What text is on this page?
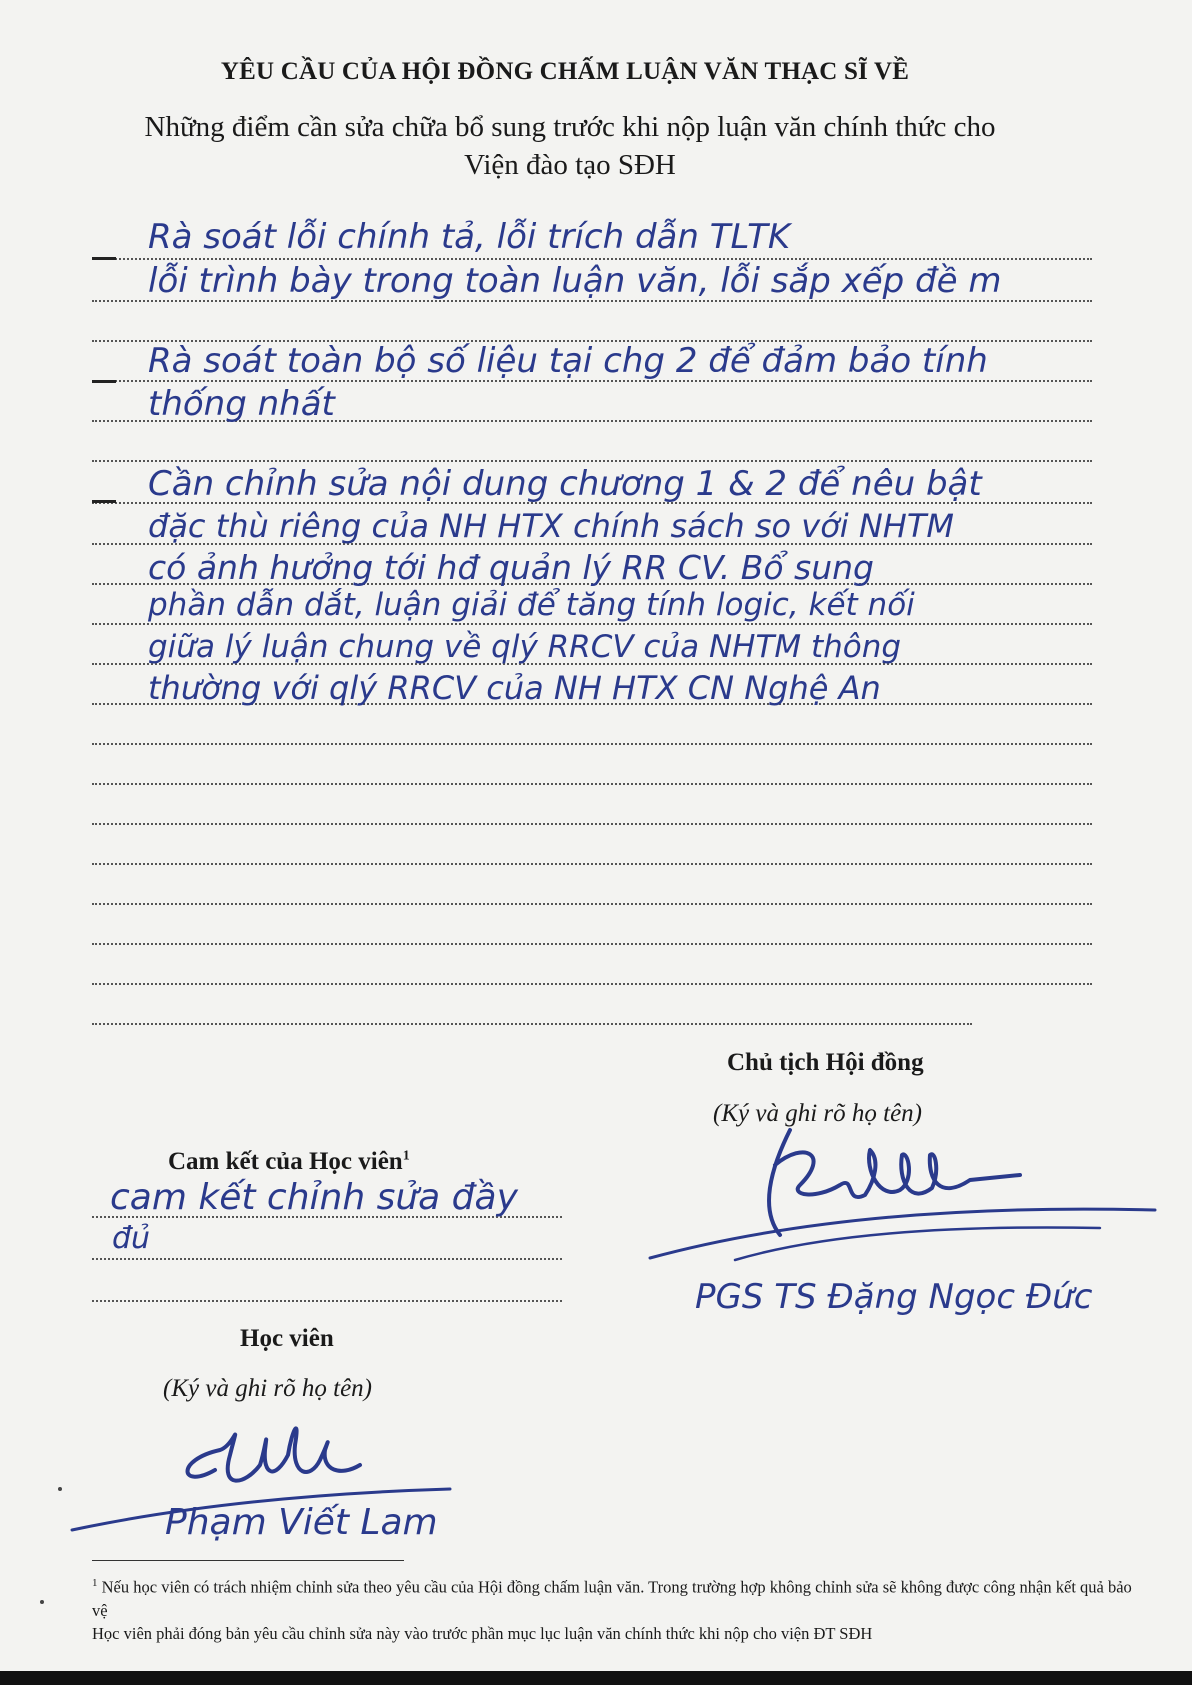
YÊU CẦU CỦA HỘI ĐỒNG CHẤM LUẬN VĂN THẠC SĨ VỀ
Những điểm cần sửa chữa bổ sung trước khi nộp luận văn chính thức cho
Viện đào tạo SĐH
Rà soát lỗi chính tả, lỗi trích dẫn TLTK
lỗi trình bày trong toàn luận văn, lỗi sắp xếp đề m
Rà soát toàn bộ số liệu tại chg 2 để đảm bảo tính
thống nhất
Cần chỉnh sửa nội dung chương 1 & 2 để nêu bật
đặc thù riêng của NH HTX chính sách so với NHTM
có ảnh hưởng tới hđ quản lý RR CV. Bổ sung
phần dẫn dắt, luận giải để tăng tính logic, kết nối
giữa lý luận chung về qlý RRCV của NHTM thông
thường với qlý RRCV của NH HTX CN Nghệ An
Chủ tịch Hội đồng
(Ký và ghi rõ họ tên)
PGS TS Đặng Ngọc Đức
Cam kết của Học viên$^1$
cam kết chỉnh sửa đầy
đủ
Học viên
(Ký và ghi rõ họ tên)
Phạm Viết Lam
$^1$ Nếu học viên có trách nhiệm chỉnh sửa theo yêu cầu của Hội đồng chấm luận văn. Trong trường hợp không chỉnh sửa sẽ không được công nhận kết quả bảo vệ
Học viên phải đóng bản yêu cầu chỉnh sửa này vào trước phần mục lục luận văn chính thức khi nộp cho viện ĐT SĐH
